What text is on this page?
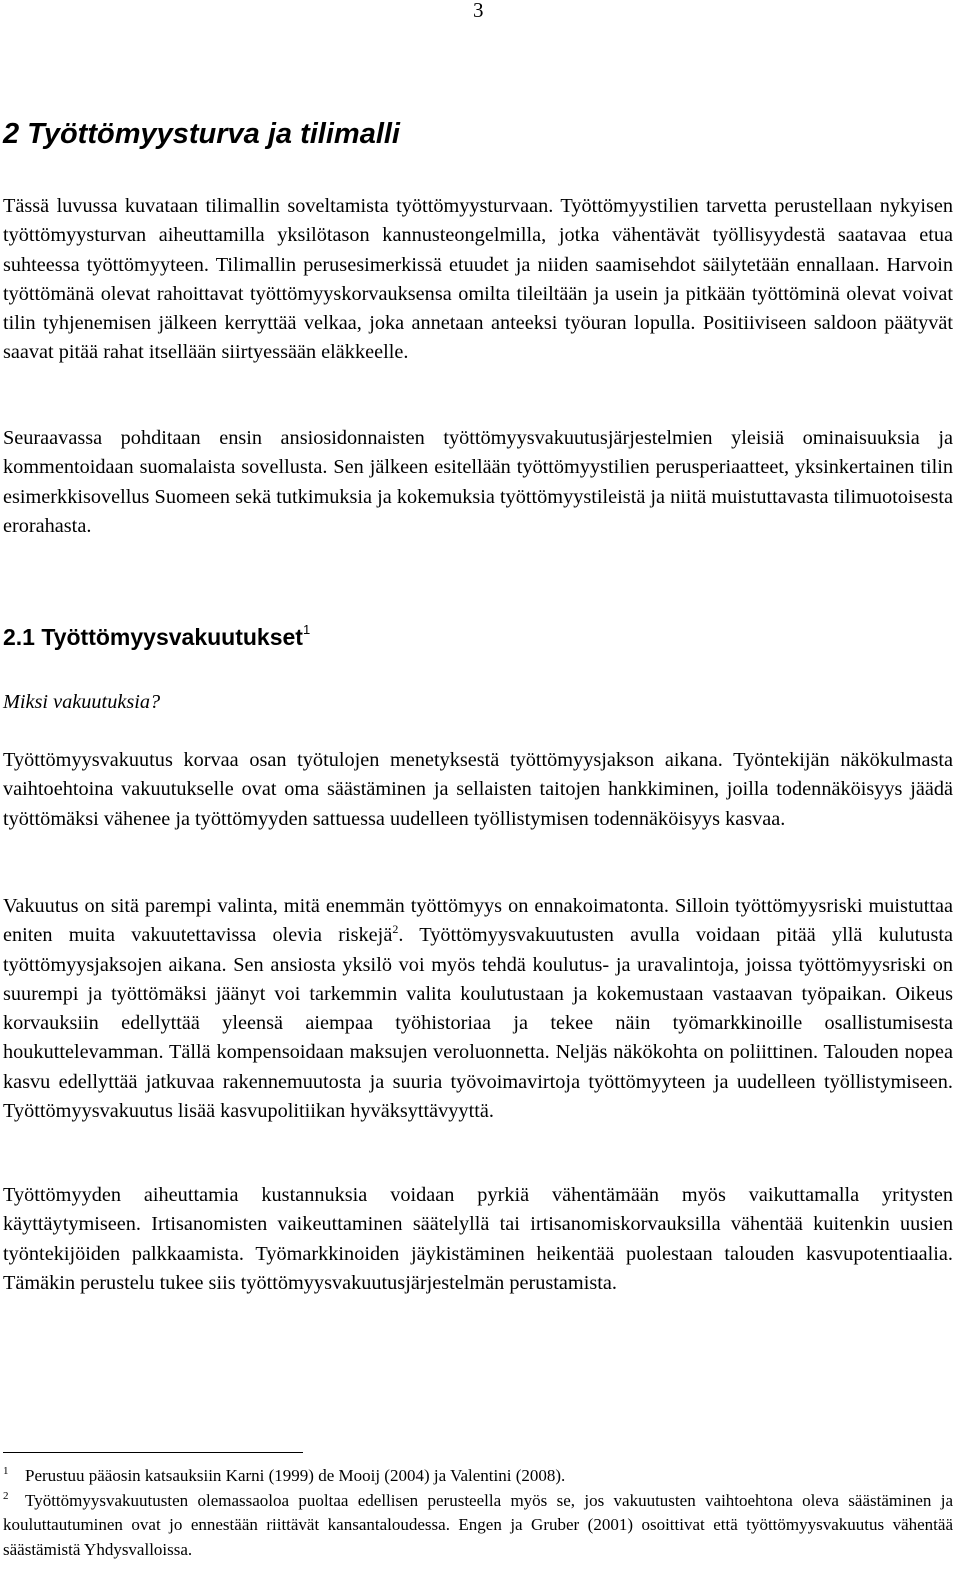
3
2 Työttömyysturva ja tilimalli

Tässä luvussa kuvataan tilimallin soveltamista työttömyysturvaan. Työttömyystilien tarvetta perustellaan nykyisen työttömyysturvan aiheuttamilla yksilötason kannusteongelmilla, jotka vähentävät työllisyydestä saatavaa etua suhteessa työttömyyteen. Tilimallin perusesimerkissä etuudet ja niiden saamisehdot säilytetään ennallaan. Harvoin työttömänä olevat rahoittavat työttömyyskorvauksensa omilta tileiltään ja usein ja pitkään työttöminä olevat voivat tilin tyhjenemisen jälkeen kerryttää velkaa, joka annetaan anteeksi työuran lopulla. Positiiviseen saldoon päätyvät saavat pitää rahat itsellään siirtyessään eläkkeelle.

Seuraavassa pohditaan ensin ansiosidonnaisten työttömyysvakuutusjärjestelmien yleisiä ominaisuuksia ja kommentoidaan suomalaista sovellusta. Sen jälkeen esitellään työttömyystilien perusperiaatteet, yksinkertainen tilin esimerkkisovellus Suomeen sekä tutkimuksia ja kokemuksia työttömyystileistä ja niitä muistuttavasta tilimuotoisesta erorahasta.

2.1 Työttömyysvakuutukset$^1$
Miksi vakuutuksia?

Työttömyysvakuutus korvaa osan työtulojen menetyksestä työttömyysjakson aikana. Työntekijän näkökulmasta vaihtoehtoina vakuutukselle ovat oma säästäminen ja sellaisten taitojen hankkiminen, joilla todennäköisyys jäädä työttömäksi vähenee ja työttömyyden sattuessa uudelleen työllistymisen todennäköisyys kasvaa.

Vakuutus on sitä parempi valinta, mitä enemmän työttömyys on ennakoimatonta. Silloin työttömyysriski muistuttaa eniten muita vakuutettavissa olevia riskejä$^2$. Työttömyysvakuutusten avulla voidaan pitää yllä kulutusta työttömyysjaksojen aikana. Sen ansiosta yksilö voi myös tehdä koulutus- ja uravalintoja, joissa työttömyysriski on suurempi ja työttömäksi jäänyt voi tarkemmin valita koulutustaan ja kokemustaan vastaavan työpaikan. Oikeus korvauksiin edellyttää yleensä aiempaa työhistoriaa ja tekee näin työmarkkinoille osallistumisesta houkuttelevamman. Tällä kompensoidaan maksujen veroluonnetta. Neljäs näkökohta on poliittinen. Talouden nopea kasvu edellyttää jatkuvaa rakennemuutosta ja suuria työvoimavirtoja työttömyyteen ja uudelleen työllistymiseen. Työttömyysvakuutus lisää kasvupolitiikan hyväksyttävyyttä.

Työttömyyden aiheuttamia kustannuksia voidaan pyrkiä vähentämään myös vaikuttamalla yritysten käyttäytymiseen. Irtisanomisten vaikeuttaminen säätelyllä tai irtisanomiskorvauksilla vähentää kuitenkin uusien työntekijöiden palkkaamista. Työmarkkinoiden jäykistäminen heikentää puolestaan talouden kasvupotentiaalia. Tämäkin perustelu tukee siis työttömyysvakuutusjärjestelmän perustamista.

1 Perustuu pääosin katsauksiin Karni (1999) de Mooij (2004) ja Valentini (2008).
2 Työttömyysvakuutusten olemassaoloa puoltaa edellisen perusteella myös se, jos vakuutusten vaihtoehtona oleva säästäminen ja kouluttautuminen ovat jo ennestään riittävät kansantaloudessa. Engen ja Gruber (2001) osoittivat että työttömyysvakuutus vähentää säästämistä Yhdysvalloissa.
